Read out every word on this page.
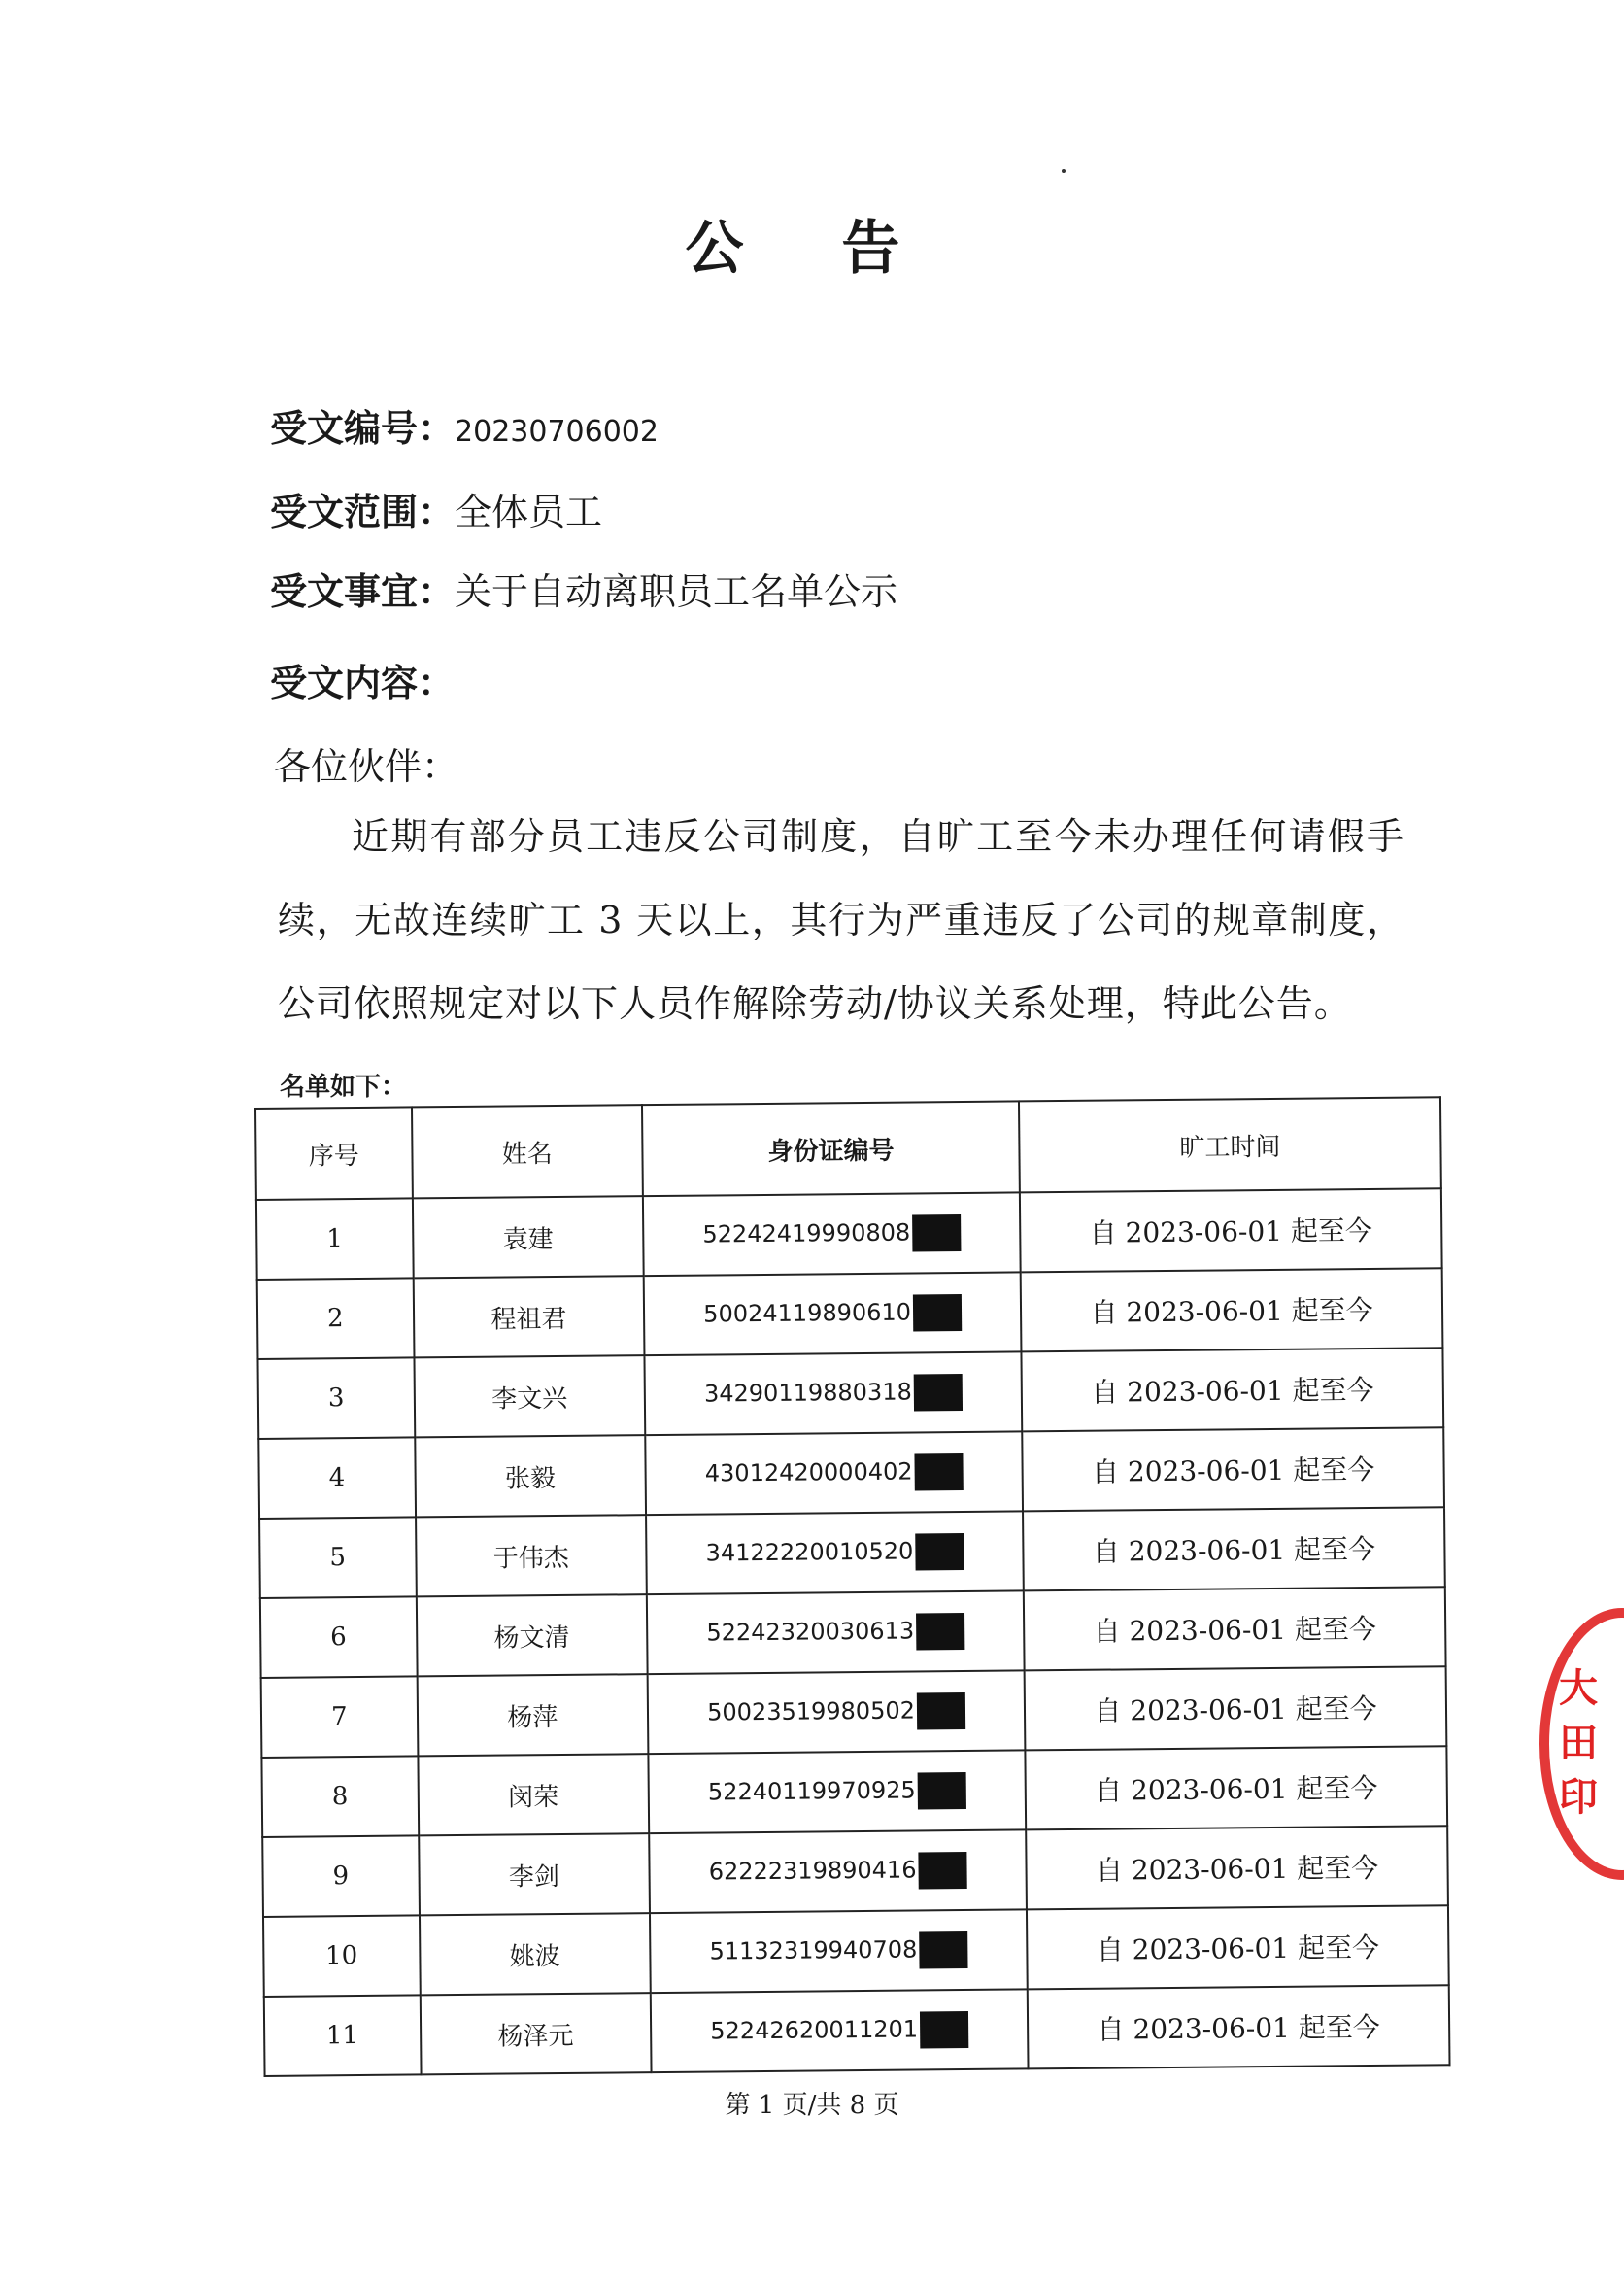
公 告
受文编号：20230706002
受文范围：全体员工
受文事宜：关于自动离职员工名单公示
受文内容：
各位伙伴：
近期有部分员工违反公司制度，自旷工至今未办理任何请假手续，无故连续旷工 3 天以上，其行为严重违反了公司的规章制度，公司依照规定对以下人员作解除劳动/协议关系处理，特此公告。
名单如下：
序号	姓名	身份证编号	旷工时间
1	袁建	52242419990808	自 2023-06-01 起至今
2	程祖君	50024119890610	自 2023-06-01 起至今
3	李文兴	34290119880318	自 2023-06-01 起至今
4	张毅	43012420000402	自 2023-06-01 起至今
5	于伟杰	34122220010520	自 2023-06-01 起至今
6	杨文清	52242320030613	自 2023-06-01 起至今
7	杨萍	50023519980502	自 2023-06-01 起至今
8	闵荣	52240119970925	自 2023-06-01 起至今
9	李剑	62222319890416	自 2023-06-01 起至今
10	姚波	51132319940708	自 2023-06-01 起至今
11	杨泽元	52242620011201	自 2023-06-01 起至今
第 1 页/共 8 页
大
田
印
